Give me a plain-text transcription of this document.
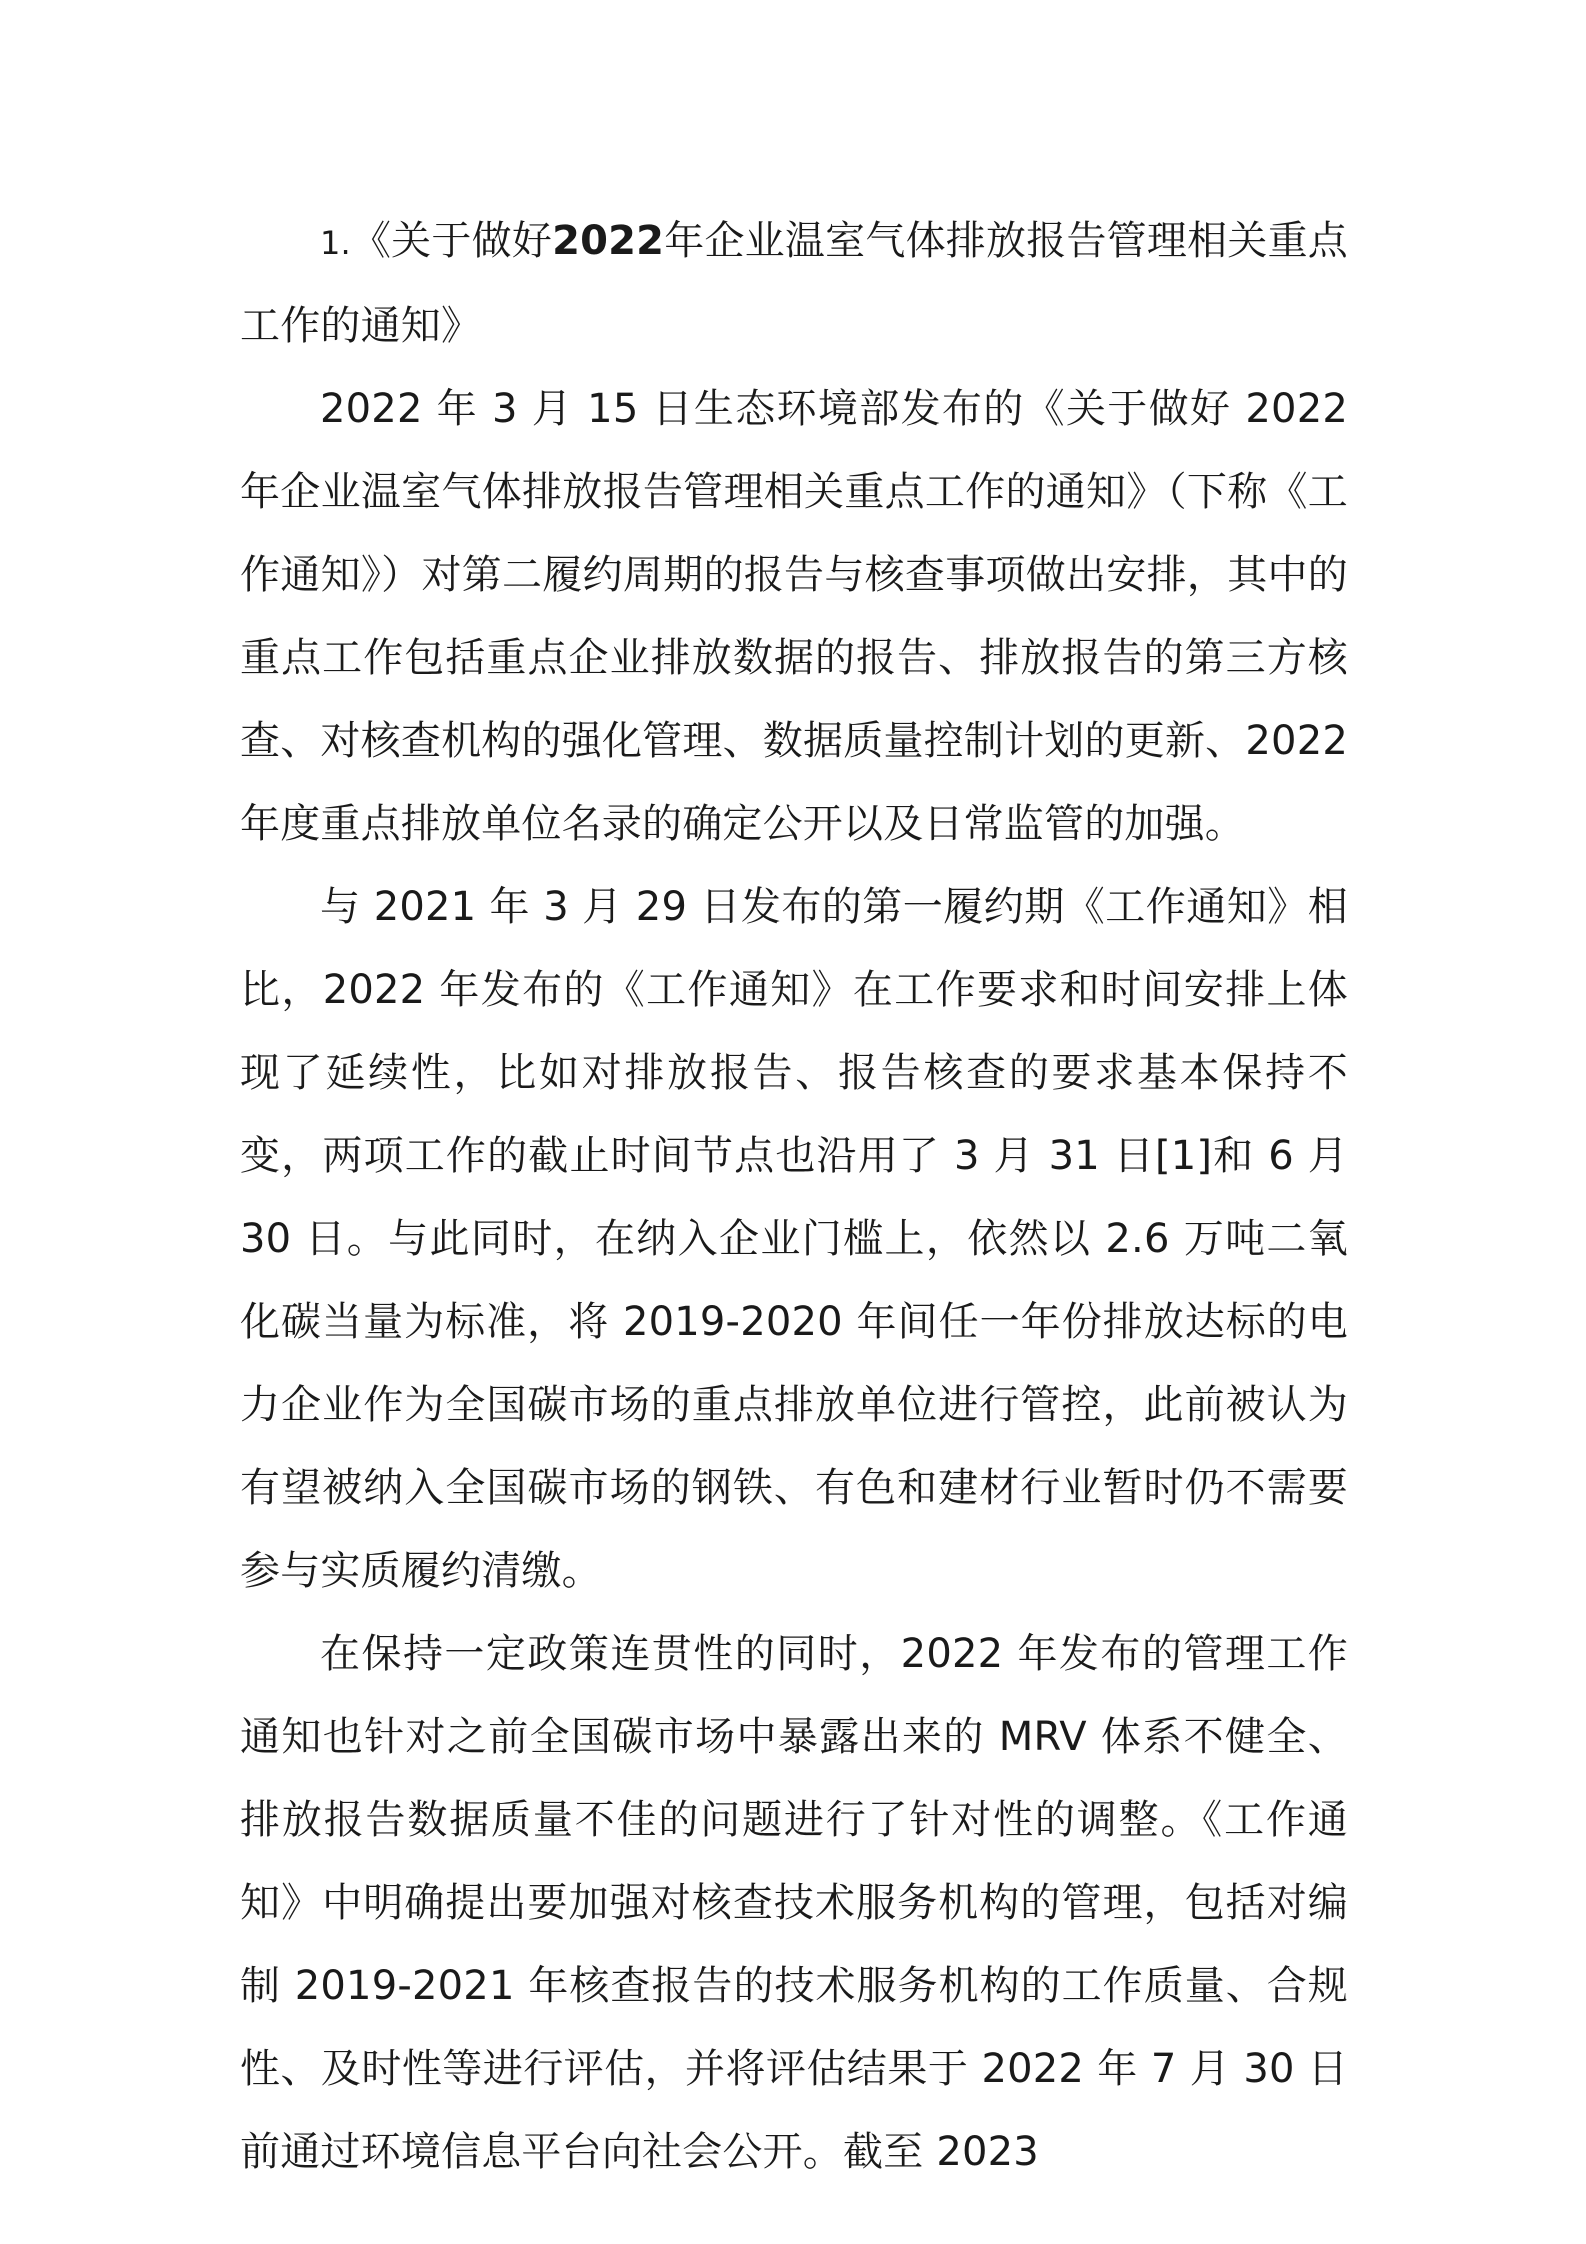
1.《关于做好2022年企业温室气体排放报告管理相关重点工作的通知》

2022 年 3 月 15 日生态环境部发布的《关于做好 2022 年企业温室气体排放报告管理相关重点工作的通知》（下称《工作通知》）对第二履约周期的报告与核查事项做出安排，其中的重点工作包括重点企业排放数据的报告、排放报告的第三方核查、对核查机构的强化管理、数据质量控制计划的更新、2022 年度重点排放单位名录的确定公开以及日常监管的加强。

与 2021 年 3 月 29 日发布的第一履约期《工作通知》相比，2022 年发布的《工作通知》在工作要求和时间安排上体现了延续性，比如对排放报告、报告核查的要求基本保持不变，两项工作的截止时间节点也沿用了 3 月 31 日[1]和 6 月 30 日。与此同时，在纳入企业门槛上，依然以 2.6 万吨二氧化碳当量为标准，将 2019-2020 年间任一年份排放达标的电力企业作为全国碳市场的重点排放单位进行管控，此前被认为有望被纳入全国碳市场的钢铁、有色和建材行业暂时仍不需要参与实质履约清缴。

在保持一定政策连贯性的同时，2022 年发布的管理工作通知也针对之前全国碳市场中暴露出来的 MRV 体系不健全、排放报告数据质量不佳的问题进行了针对性的调整。《工作通知》中明确提出要加强对核查技术服务机构的管理，包括对编制 2019-2021 年核查报告的技术服务机构的工作质量、合规性、及时性等进行评估，并将评估结果于 2022 年 7 月 30 日前通过环境信息平台向社会公开。截至 2023
